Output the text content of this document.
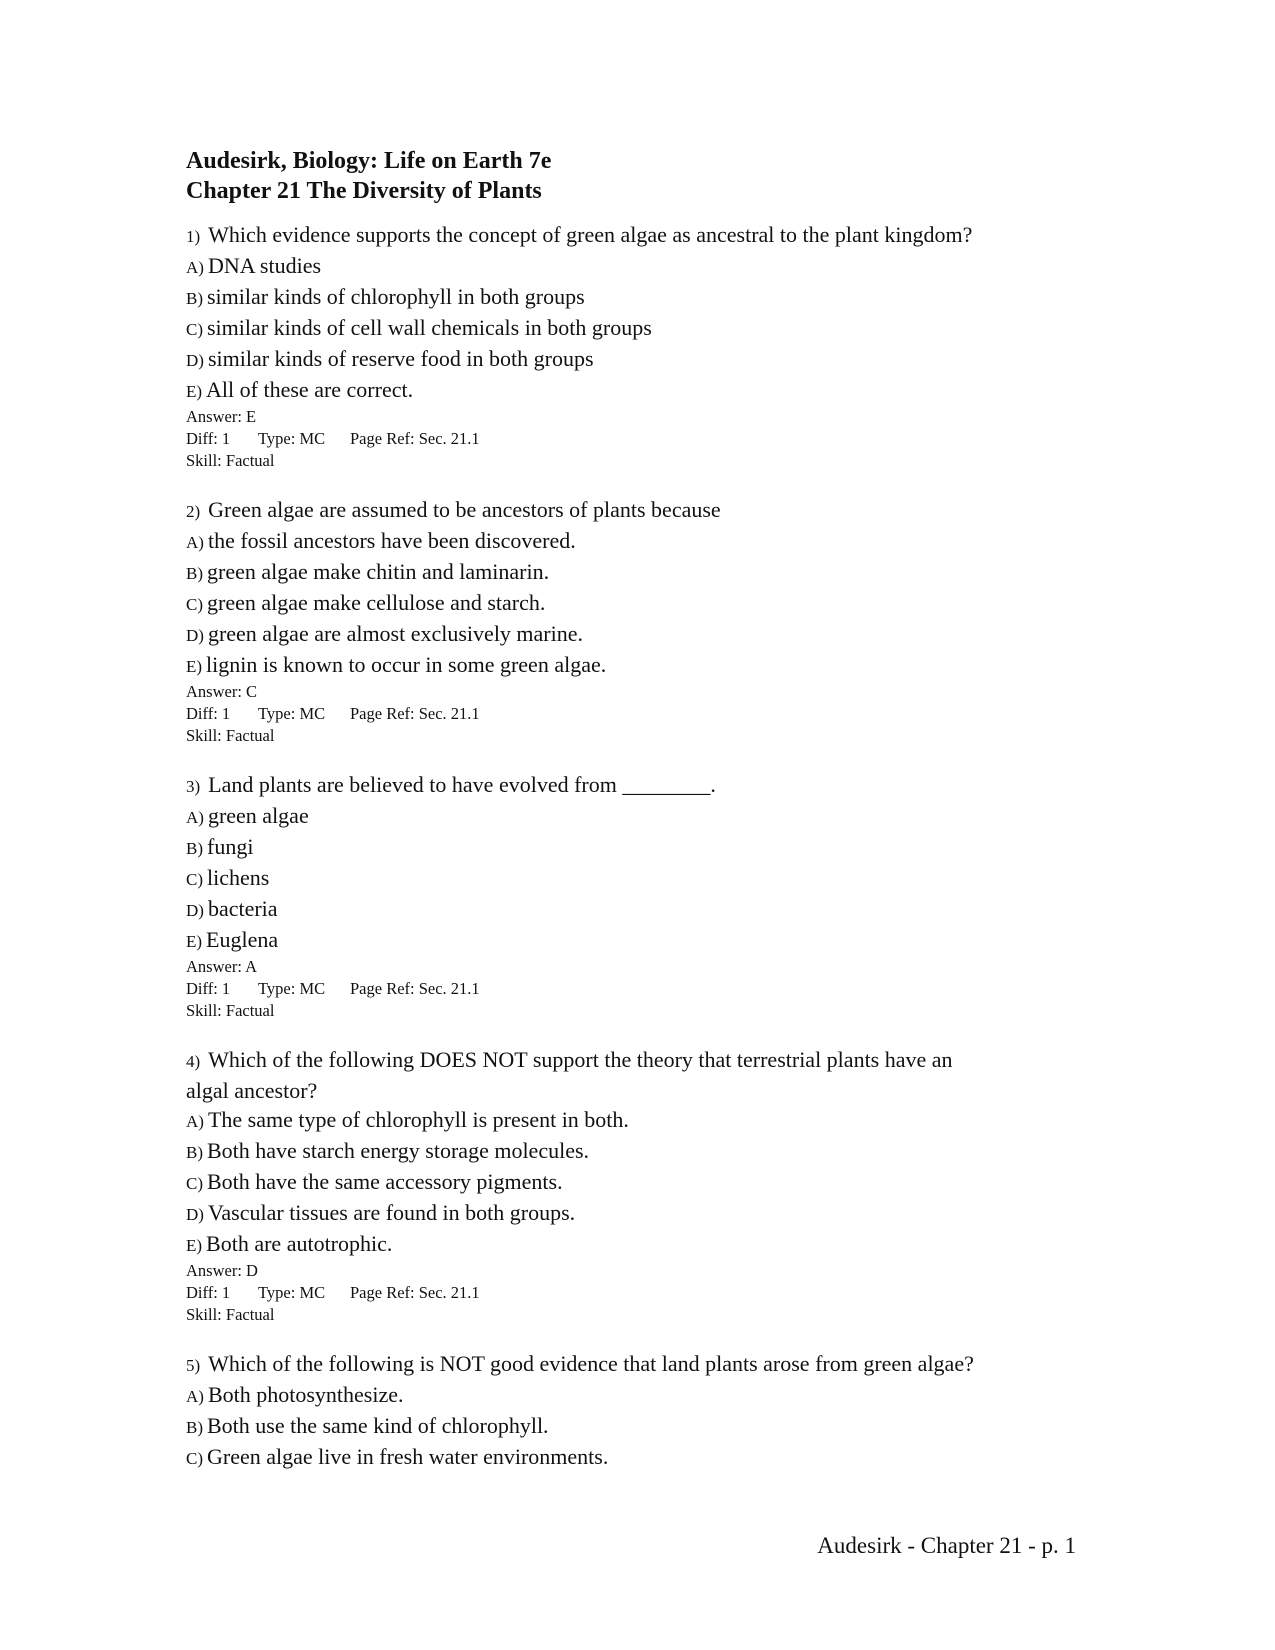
Audesirk, Biology: Life on Earth 7e
Chapter 21 The Diversity of Plants
1) Which evidence supports the concept of green algae as ancestral to the plant kingdom?
A) DNA studies
B) similar kinds of chlorophyll in both groups
C) similar kinds of cell wall chemicals in both groups
D) similar kinds of reserve food in both groups
E) All of these are correct.
Answer: E
Diff: 1 Type: MC Page Ref: Sec. 21.1
Skill: Factual
2) Green algae are assumed to be ancestors of plants because
A) the fossil ancestors have been discovered.
B) green algae make chitin and laminarin.
C) green algae make cellulose and starch.
D) green algae are almost exclusively marine.
E) lignin is known to occur in some green algae.
Answer: C
Diff: 1 Type: MC Page Ref: Sec. 21.1
Skill: Factual
3) Land plants are believed to have evolved from ________.
A) green algae
B) fungi
C) lichens
D) bacteria
E) Euglena
Answer: A
Diff: 1 Type: MC Page Ref: Sec. 21.1
Skill: Factual
4) Which of the following DOES NOT support the theory that terrestrial plants have an
algal ancestor?
A) The same type of chlorophyll is present in both.
B) Both have starch energy storage molecules.
C) Both have the same accessory pigments.
D) Vascular tissues are found in both groups.
E) Both are autotrophic.
Answer: D
Diff: 1 Type: MC Page Ref: Sec. 21.1
Skill: Factual
5) Which of the following is NOT good evidence that land plants arose from green algae?
A) Both photosynthesize.
B) Both use the same kind of chlorophyll.
C) Green algae live in fresh water environments.
Audesirk - Chapter 21 - p. 1
